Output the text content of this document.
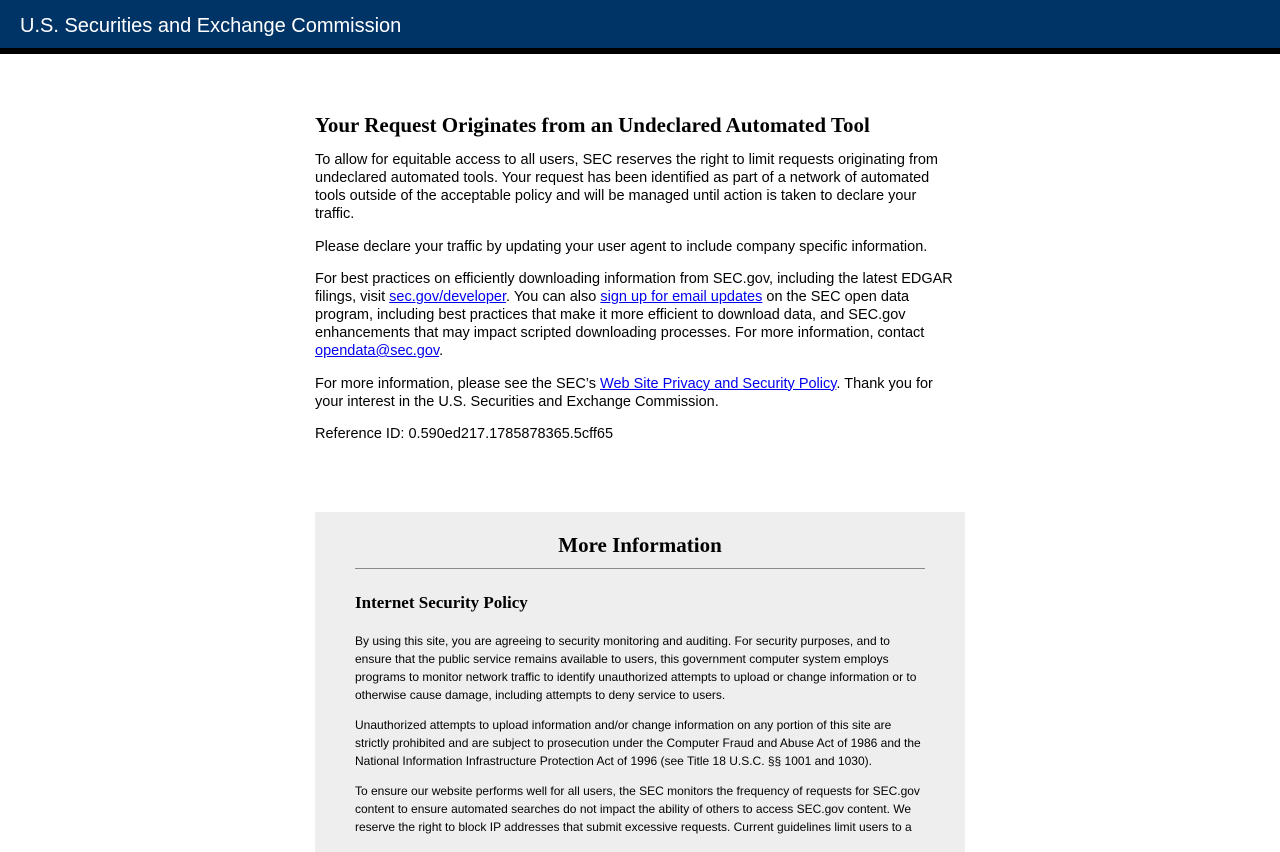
U.S. Securities and Exchange Commission
Your Request Originates from an Undeclared Automated Tool

To allow for equitable access to all users, SEC reserves the right to limit requests originating from undeclared automated tools. Your request has been identified as part of a network of automated tools outside of the acceptable policy and will be managed until action is taken to declare your traffic.

Please declare your traffic by updating your user agent to include company specific information.

For best practices on efficiently downloading information from SEC.gov, including the latest EDGAR filings, visit sec.gov/developer. You can also sign up for email updates on the SEC open data program, including best practices that make it more efficient to download data, and SEC.gov enhancements that may impact scripted downloading processes. For more information, contact opendata@sec.gov.

For more information, please see the SEC’s Web Site Privacy and Security Policy. Thank you for your interest in the U.S. Securities and Exchange Commission.

Reference ID: 0.590ed217.1785878365.5cff65

More Information
Internet Security Policy

By using this site, you are agreeing to security monitoring and auditing. For security purposes, and to ensure that the public service remains available to users, this government computer system employs programs to monitor network traffic to identify unauthorized attempts to upload or change information or to otherwise cause damage, including attempts to deny service to users.

Unauthorized attempts to upload information and/or change information on any portion of this site are strictly prohibited and are subject to prosecution under the Computer Fraud and Abuse Act of 1986 and the National Information Infrastructure Protection Act of 1996 (see Title 18 U.S.C. §§ 1001 and 1030).

To ensure our website performs well for all users, the SEC monitors the frequency of requests for SEC.gov content to ensure automated searches do not impact the ability of others to access SEC.gov content. We reserve the right to block IP addresses that submit excessive requests. Current guidelines limit users to a
